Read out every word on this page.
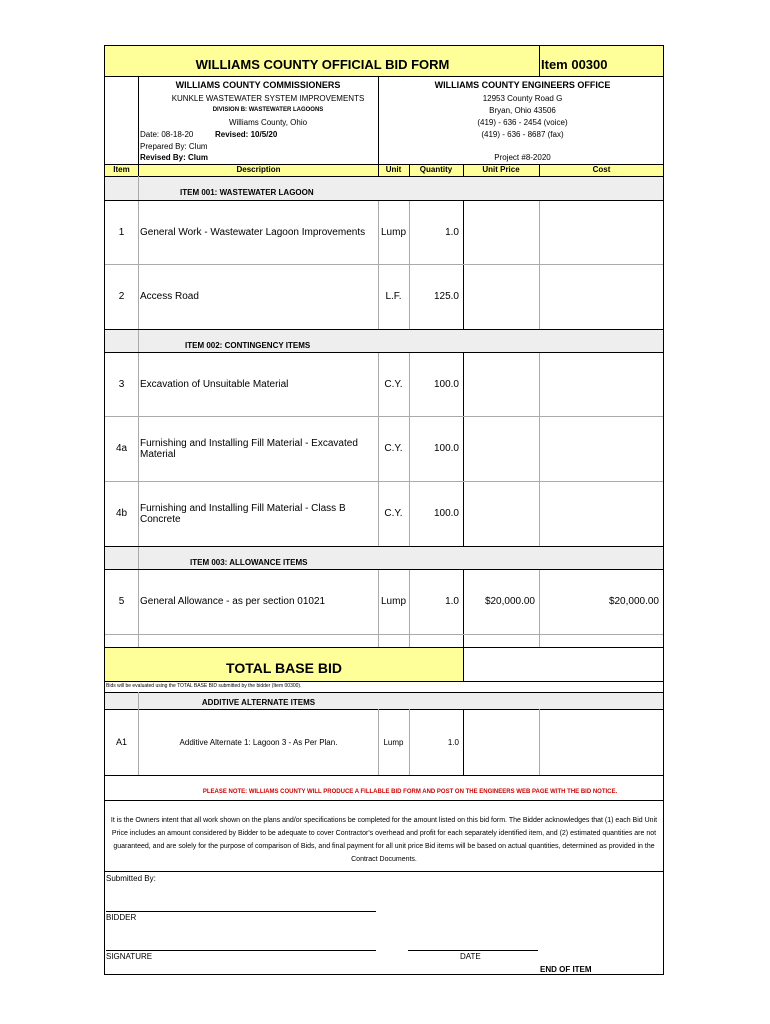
WILLIAMS COUNTY OFFICIAL BID FORM	Item 00300
WILLIAMS COUNTY COMMISSIONERS
KUNKLE WASTEWATER SYSTEM IMPROVEMENTS
DIVISION B: WASTEWATER LAGOONS
Williams County, Ohio
Date: 08-18-20	Revised: 10/5/20
Prepared By: Clum
Revised By: Clum
WILLIAMS COUNTY ENGINEERS OFFICE
12953 County Road G
Bryan, Ohio 43506
(419) - 636 - 2454 (voice)
(419) - 636 - 8687 (fax)
Project #8-2020
Item	Description	Unit	Quantity	Unit Price	Cost
ITEM 001: WASTEWATER LAGOON
1	General Work - Wastewater Lagoon Improvements	Lump	1.0
2	Access Road	L.F.	125.0
ITEM 002: CONTINGENCY ITEMS
3	Excavation of Unsuitable Material	C.Y.	100.0
4a	Furnishing and Installing Fill Material - Excavated Material	C.Y.	100.0
4b	Furnishing and Installing Fill Material - Class B Concrete	C.Y.	100.0
ITEM 003: ALLOWANCE ITEMS
5	General Allowance - as per section 01021	Lump	1.0	$20,000.00	$20,000.00
TOTAL BASE BID
Bids will be evaluated using the TOTAL BASE BID submitted by the bidder (Item 00300).
ADDITIVE ALTERNATE ITEMS
A1	Additive Alternate 1: Lagoon 3 - As Per Plan.	Lump	1.0
PLEASE NOTE: WILLIAMS COUNTY WILL PRODUCE A FILLABLE BID FORM AND POST ON THE ENGINEERS WEB PAGE WITH THE BID NOTICE.
It is the Owners intent that all work shown on the plans and/or specifications be completed for the amount listed on this bid form. The Bidder acknowledges that (1) each Bid Unit Price includes an amount considered by Bidder to be adequate to cover Contractor's overhead and profit for each separately identified item, and (2) estimated quantities are not guaranteed, and are solely for the purpose of comparison of Bids, and final payment for all unit price Bid items will be based on actual quantities, determined as provided in the Contract Documents.
Submitted By:
BIDDER
SIGNATURE	DATE
END OF ITEM
